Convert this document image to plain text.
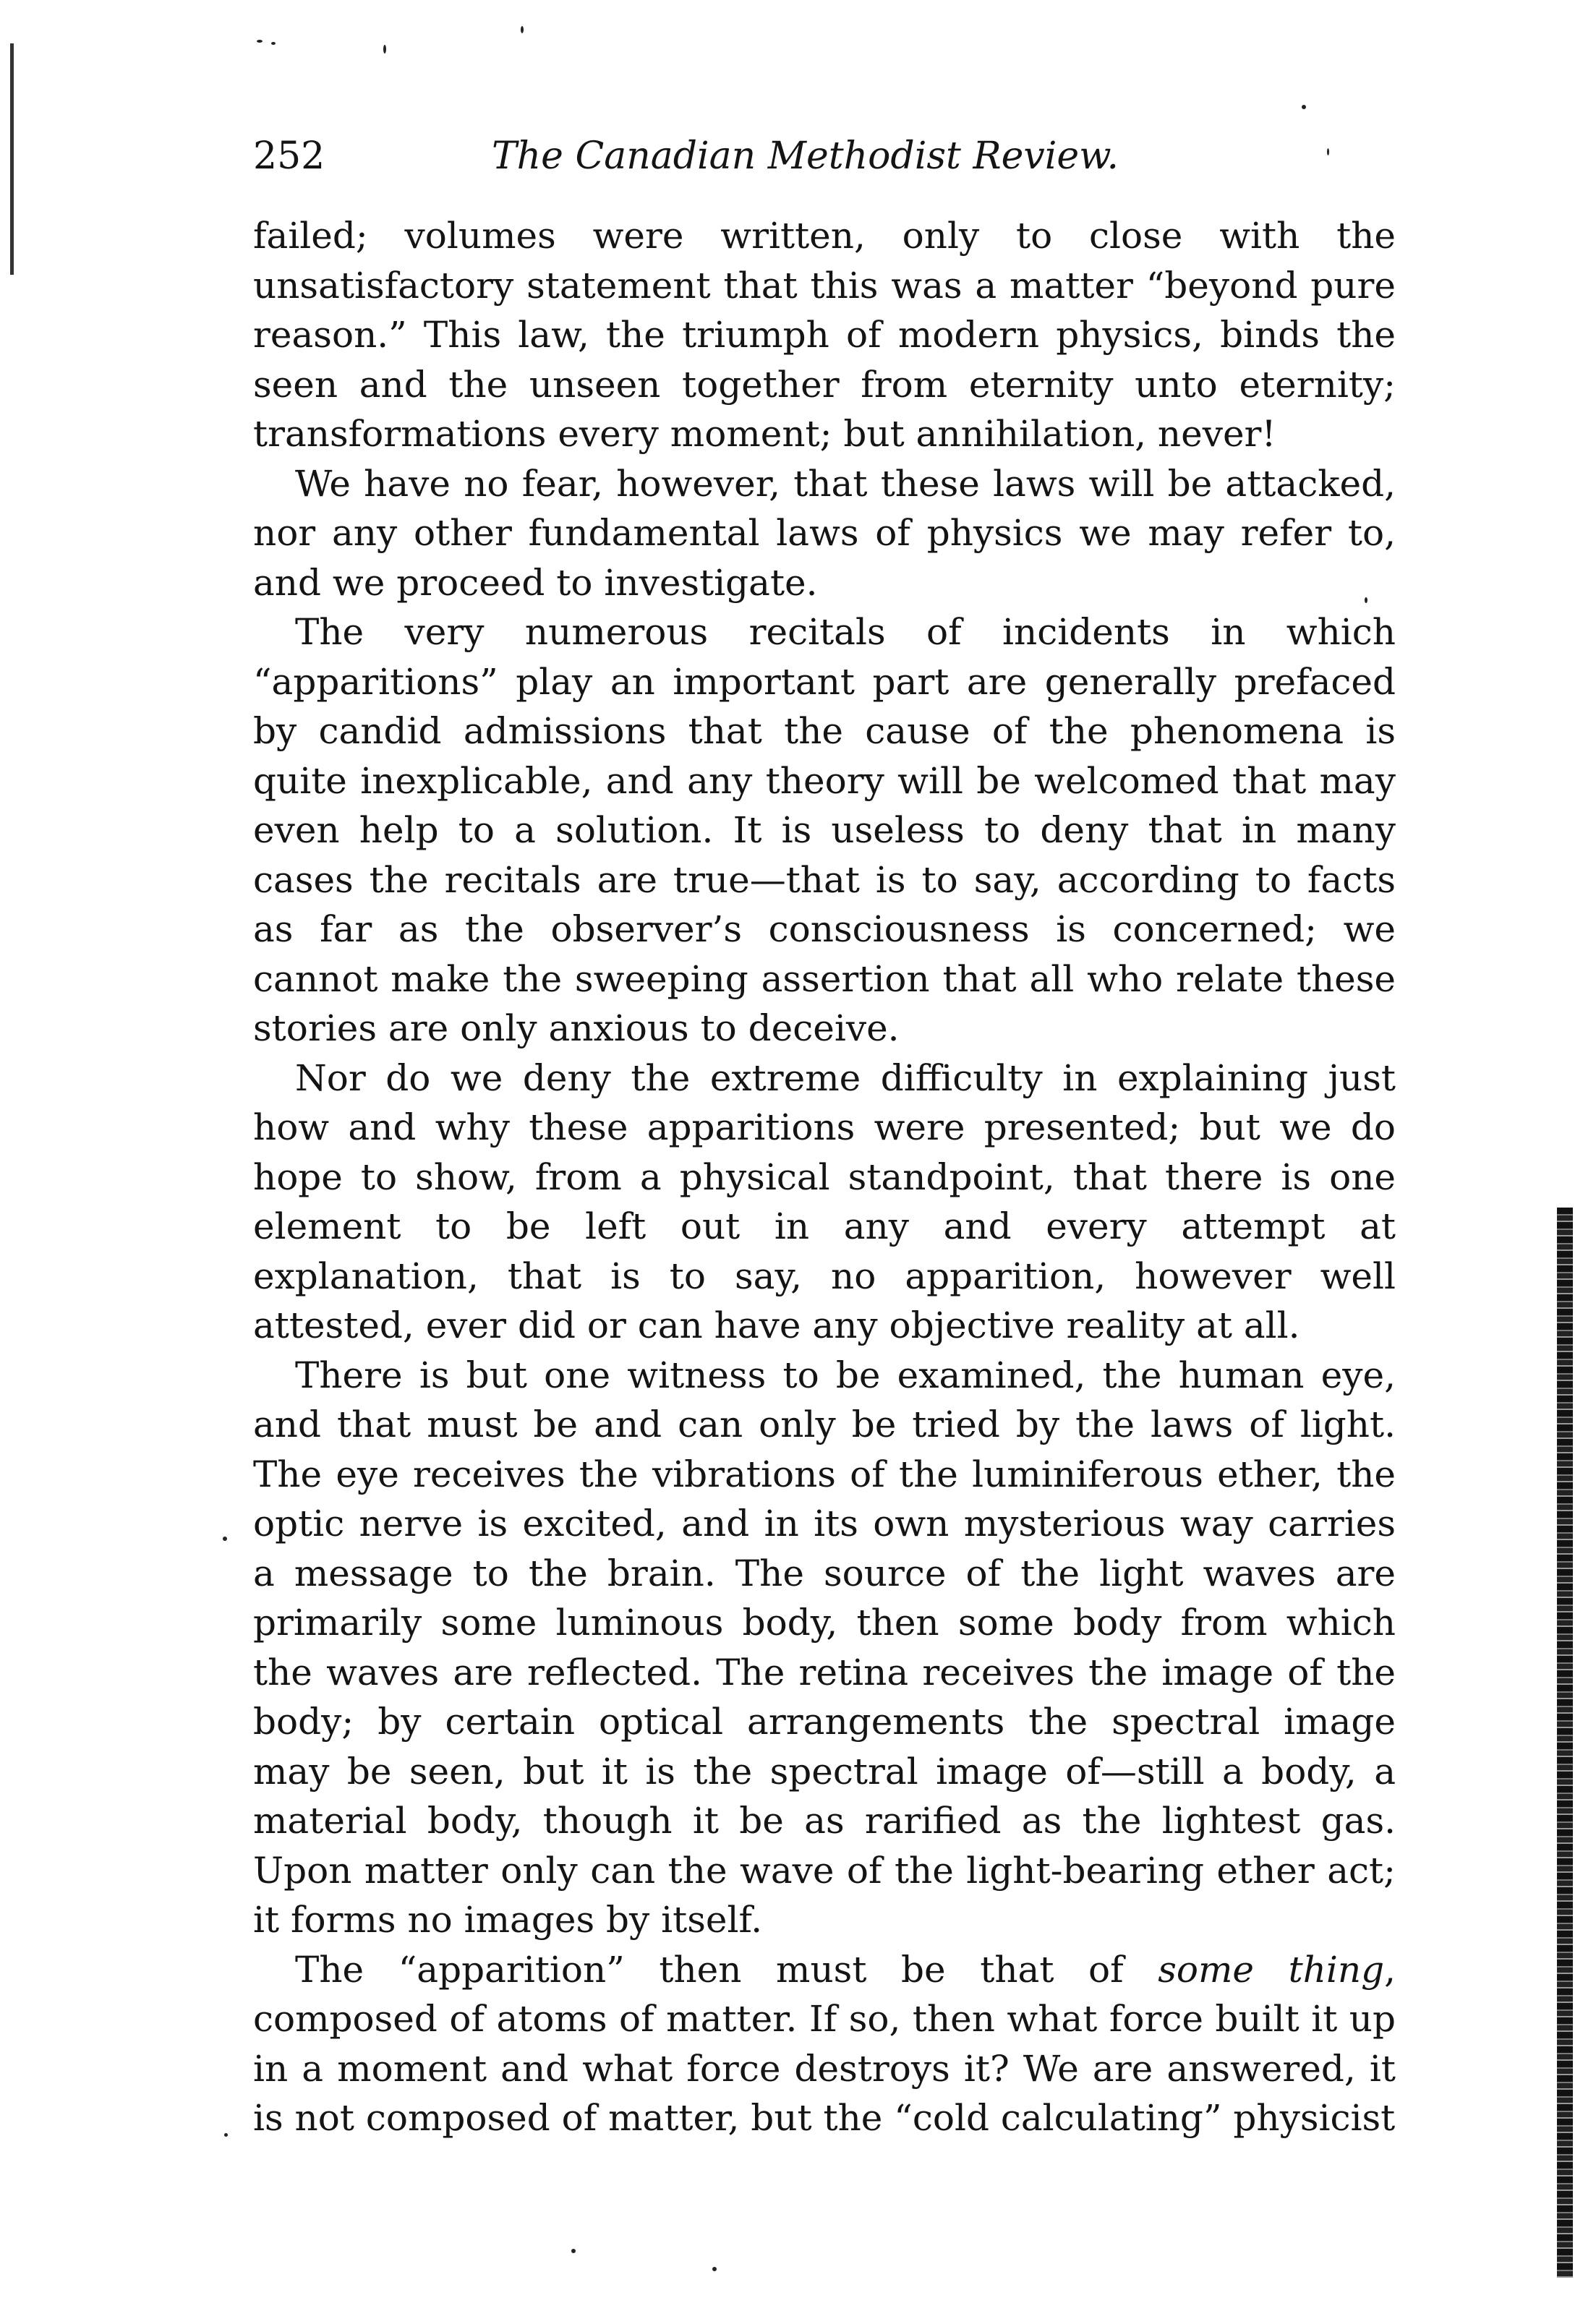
252	The Canadian Methodist Review.

failed; volumes were written, only to close with the unsatisfactory statement that this was a matter “beyond pure reason.” This law, the triumph of modern physics, binds the seen and the unseen together from eternity unto eternity; transformations every moment; but annihilation, never!

We have no fear, however, that these laws will be attacked, nor any other fundamental laws of physics we may refer to, and we proceed to investigate.

The very numerous recitals of incidents in which “apparitions” play an important part are generally prefaced by candid admissions that the cause of the phenomena is quite inexplicable, and any theory will be welcomed that may even help to a solution. It is useless to deny that in many cases the recitals are true—that is to say, according to facts as far as the observer’s consciousness is concerned; we cannot make the sweeping assertion that all who relate these stories are only anxious to deceive.

Nor do we deny the extreme difficulty in explaining just how and why these apparitions were presented; but we do hope to show, from a physical standpoint, that there is one element to be left out in any and every attempt at explanation, that is to say, no apparition, however well attested, ever did or can have any objective reality at all.

There is but one witness to be examined, the human eye, and that must be and can only be tried by the laws of light. The eye receives the vibrations of the luminiferous ether, the optic nerve is excited, and in its own mysterious way carries a message to the brain. The source of the light waves are primarily some luminous body, then some body from which the waves are reflected. The retina receives the image of the body; by certain optical arrangements the spectral image may be seen, but it is the spectral image of—still a body, a material body, though it be as rarified as the lightest gas. Upon matter only can the wave of the light-bearing ether act; it forms no images by itself.

The “apparition” then must be that of some thing, composed of atoms of matter. If so, then what force built it up in a moment and what force destroys it? We are answered, it is not composed of matter, but the “cold calculating” physicist
